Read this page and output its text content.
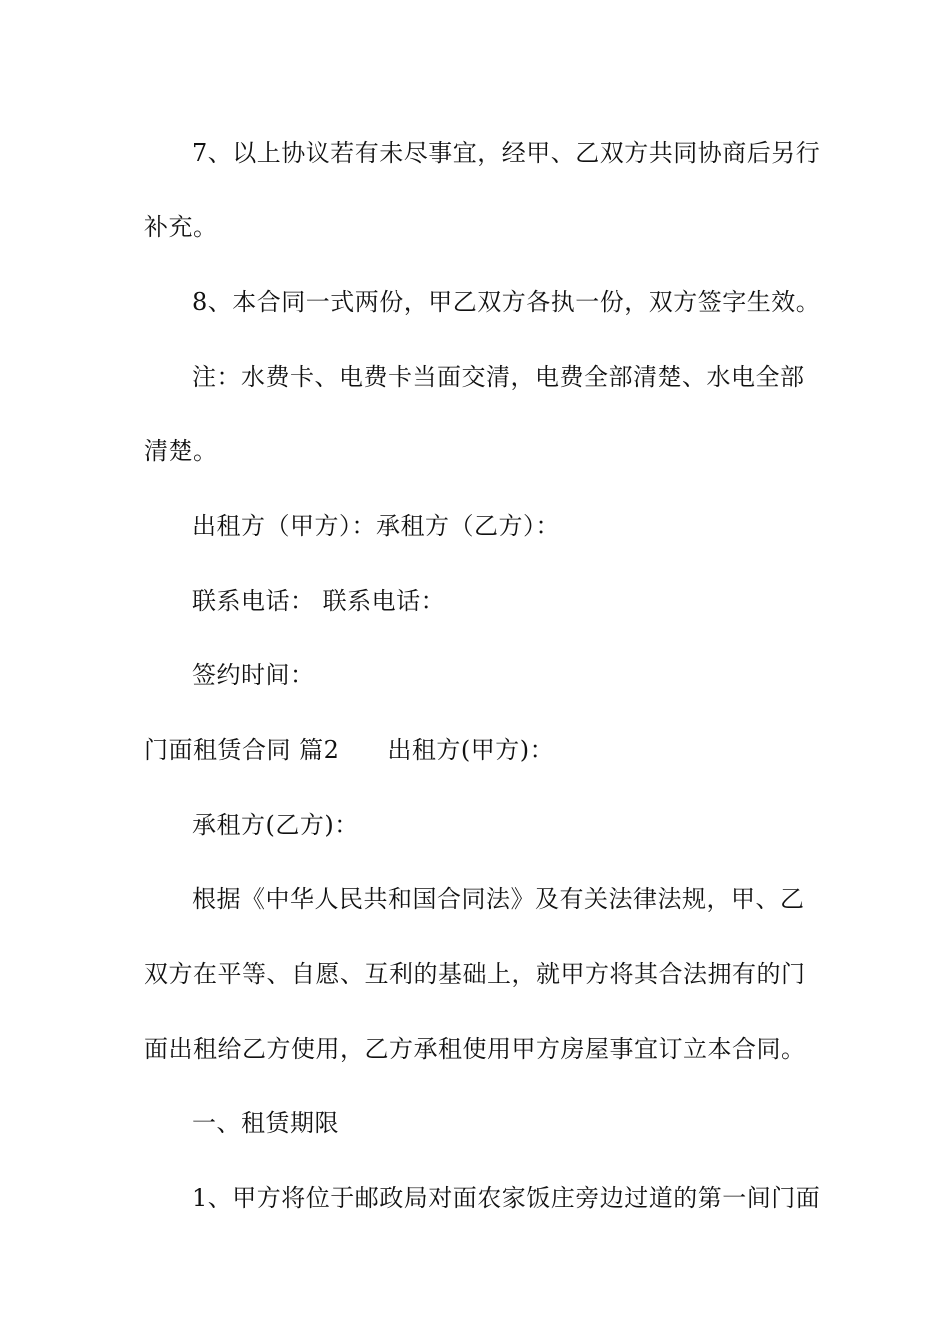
7、以上协议若有未尽事宜，经甲、乙双方共同协商后另行
补充。
8、本合同一式两份，甲乙双方各执一份，双方签字生效。
注：水费卡、电费卡当面交清，电费全部清楚、水电全部
清楚。
出租方（甲方）：承租方（乙方）：
联系电话： 联系电话：
签约时间：
门面租赁合同 篇2 出租方(甲方)：
承租方(乙方)：
根据《中华人民共和国合同法》及有关法律法规，甲、乙
双方在平等、自愿、互利的基础上，就甲方将其合法拥有的门
面出租给乙方使用，乙方承租使用甲方房屋事宜订立本合同。
一、租赁期限
1、甲方将位于邮政局对面农家饭庄旁边过道的第一间门面
